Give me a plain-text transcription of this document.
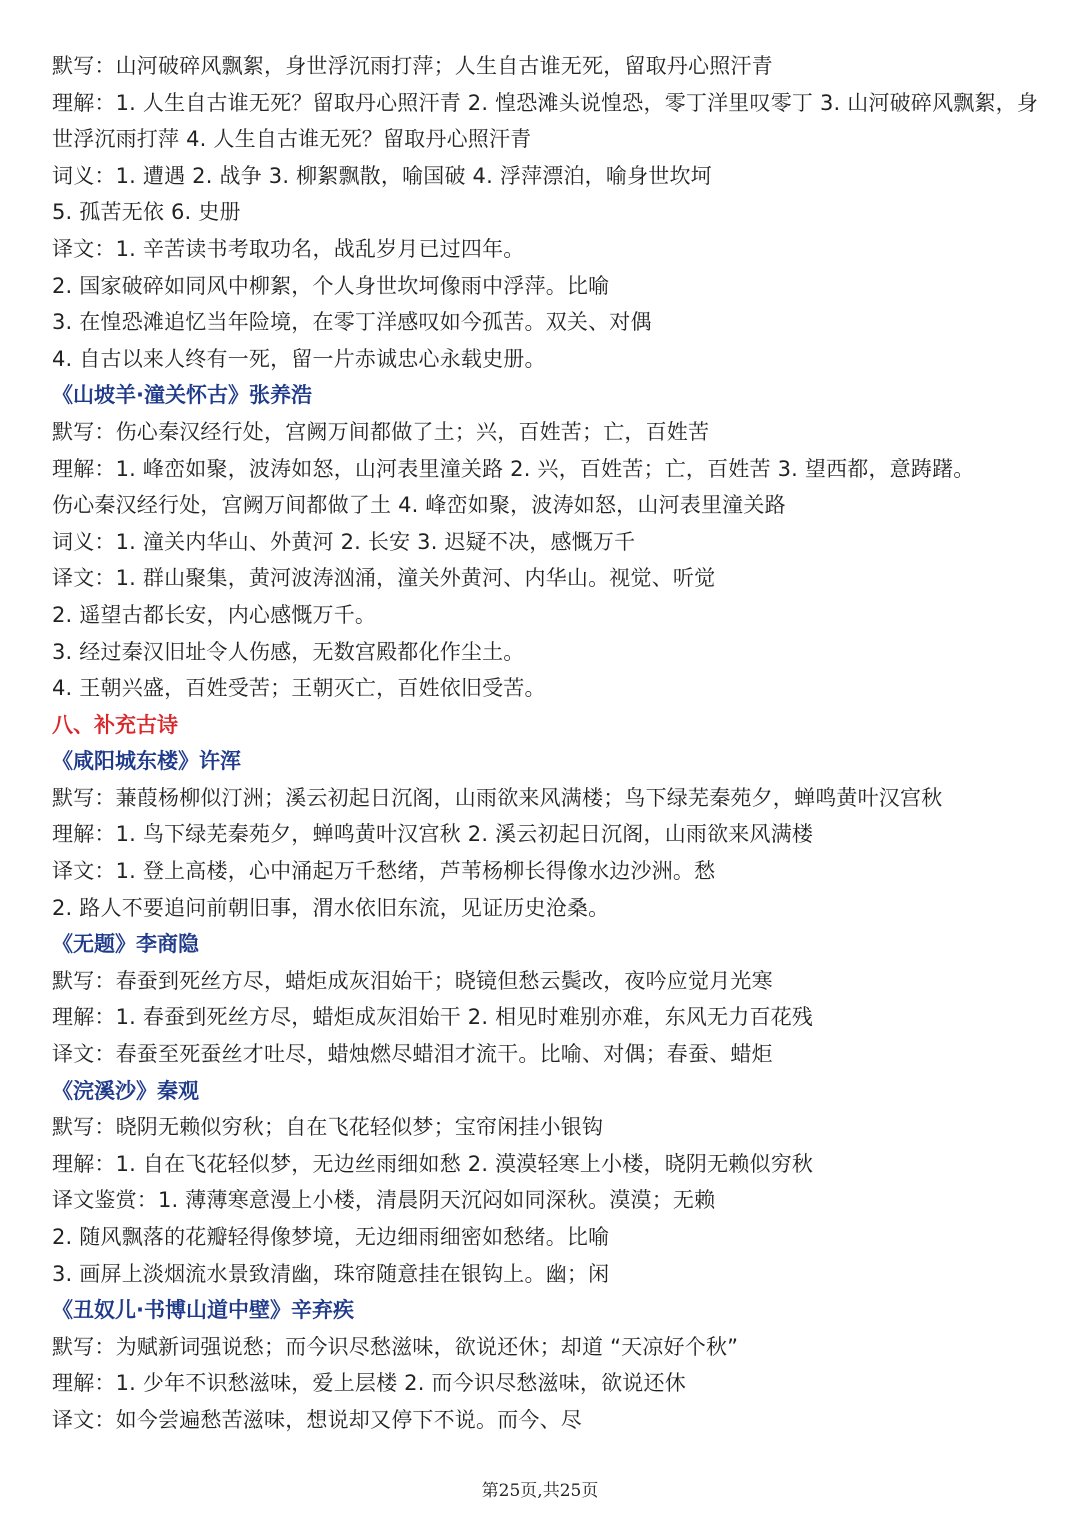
默写：山河破碎风飘絮，身世浮沉雨打萍；人生自古谁无死，留取丹心照汗青
理解：1. 人生自古谁无死？留取丹心照汗青 2. 惶恐滩头说惶恐，零丁洋里叹零丁 3. 山河破碎风飘絮，身世浮沉雨打萍 4. 人生自古谁无死？留取丹心照汗青
词义：1. 遭遇 2. 战争 3. 柳絮飘散，喻国破 4. 浮萍漂泊，喻身世坎坷
5. 孤苦无依 6. 史册
译文：1. 辛苦读书考取功名，战乱岁月已过四年。
2. 国家破碎如同风中柳絮，个人身世坎坷像雨中浮萍。比喻
3. 在惶恐滩追忆当年险境，在零丁洋感叹如今孤苦。双关、对偶
4. 自古以来人终有一死，留一片赤诚忠心永载史册。
《山坡羊·潼关怀古》张养浩
默写：伤心秦汉经行处，宫阙万间都做了土；兴，百姓苦；亡，百姓苦
理解：1. 峰峦如聚，波涛如怒，山河表里潼关路 2. 兴，百姓苦；亡，百姓苦 3. 望西都，意踌躇。
伤心秦汉经行处，宫阙万间都做了土 4. 峰峦如聚，波涛如怒，山河表里潼关路
词义：1. 潼关内华山、外黄河 2. 长安 3. 迟疑不决，感慨万千
译文：1. 群山聚集，黄河波涛汹涌，潼关外黄河、内华山。视觉、听觉
2. 遥望古都长安，内心感慨万千。
3. 经过秦汉旧址令人伤感，无数宫殿都化作尘土。
4. 王朝兴盛，百姓受苦；王朝灭亡，百姓依旧受苦。
八、补充古诗
《咸阳城东楼》许浑
默写：蒹葭杨柳似汀洲；溪云初起日沉阁，山雨欲来风满楼；鸟下绿芜秦苑夕，蝉鸣黄叶汉宫秋
理解：1. 鸟下绿芜秦苑夕，蝉鸣黄叶汉宫秋 2. 溪云初起日沉阁，山雨欲来风满楼
译文：1. 登上高楼，心中涌起万千愁绪，芦苇杨柳长得像水边沙洲。愁
2. 路人不要追问前朝旧事，渭水依旧东流，见证历史沧桑。
《无题》李商隐
默写：春蚕到死丝方尽，蜡炬成灰泪始干；晓镜但愁云鬓改，夜吟应觉月光寒
理解：1. 春蚕到死丝方尽，蜡炬成灰泪始干 2. 相见时难别亦难，东风无力百花残
译文：春蚕至死蚕丝才吐尽，蜡烛燃尽蜡泪才流干。比喻、对偶；春蚕、蜡炬
《浣溪沙》秦观
默写：晓阴无赖似穷秋；自在飞花轻似梦；宝帘闲挂小银钩
理解：1. 自在飞花轻似梦，无边丝雨细如愁 2. 漠漠轻寒上小楼，晓阴无赖似穷秋
译文鉴赏：1. 薄薄寒意漫上小楼，清晨阴天沉闷如同深秋。漠漠；无赖
2. 随风飘落的花瓣轻得像梦境，无边细雨细密如愁绪。比喻
3. 画屏上淡烟流水景致清幽，珠帘随意挂在银钩上。幽；闲
《丑奴儿·书博山道中壁》辛弃疾
默写：为赋新词强说愁；而今识尽愁滋味，欲说还休；却道 “天凉好个秋”
理解：1. 少年不识愁滋味，爱上层楼 2. 而今识尽愁滋味，欲说还休
译文：如今尝遍愁苦滋味，想说却又停下不说。而今、尽
第25页,共25页
